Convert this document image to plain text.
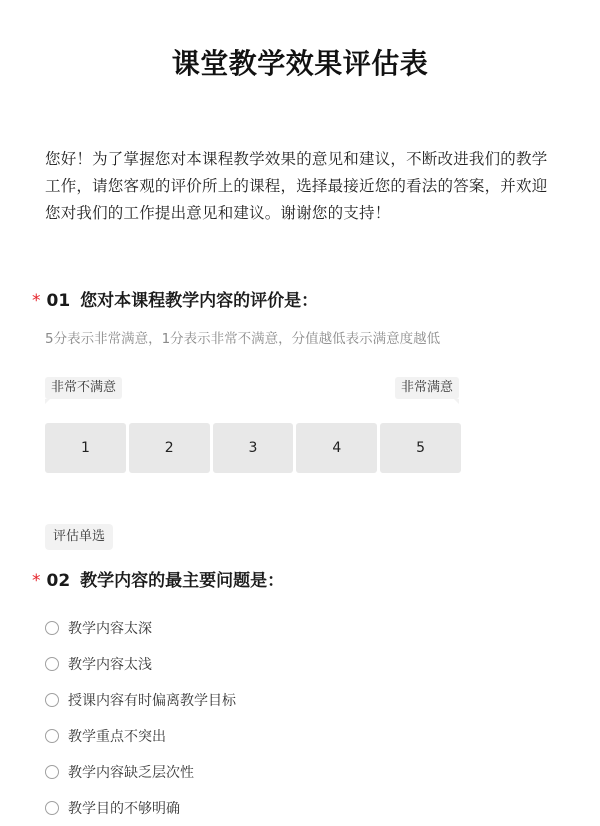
课堂教学效果评估表
您好！为了掌握您对本课程教学效果的意见和建议，不断改进我们的教学工作，请您客观的评价所上的课程，选择最接近您的看法的答案，并欢迎您对我们的工作提出意见和建议。谢谢您的支持！
* 01 您对本课程教学内容的评价是：
5分表示非常满意，1分表示非常不满意，分值越低表示满意度越低
非常不满意	非常满意
1	2	3	4	5
评估单选
* 02 教学内容的最主要问题是：
教学内容太深
教学内容太浅
授课内容有时偏离教学目标
教学重点不突出
教学内容缺乏层次性
教学目的不够明确
